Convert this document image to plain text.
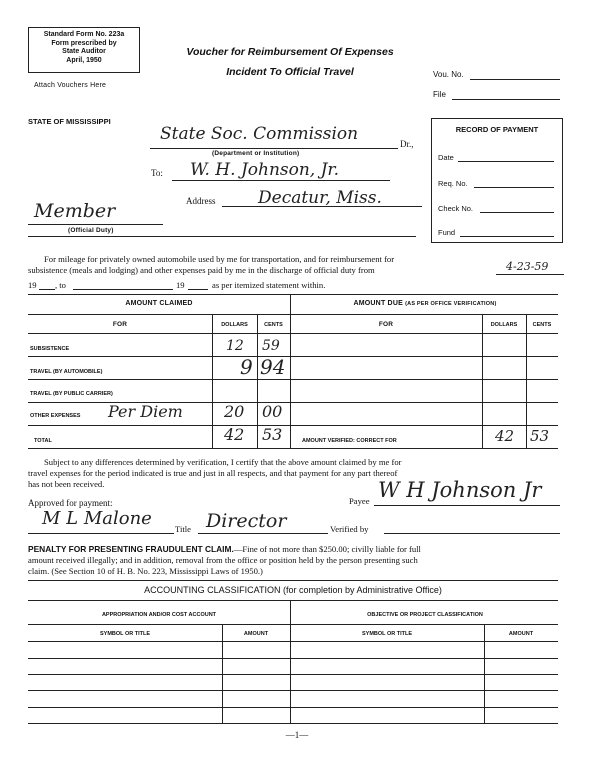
Standard Form No. 223a
Form prescribed by
State Auditor
April, 1950
Attach Vouchers Here
Voucher for Reimbursement Of Expenses
Incident To Official Travel	Vou. No.
File
STATE OF MISSISSIPPI
State Soc. Commission	Dr.,
(Department or Institution)
To: W. H. Johnson, Jr.
Address	Decatur, Miss.
Member
(Official Duty)
RECORD OF PAYMENT
Date
Req. No.
Check No.
Fund
For mileage for privately owned automobile used by me for transportation, and for reimbursement for
subsistence (meals and lodging) and other expenses paid by me in the discharge of official duty from	4-23-59
19 , to	19	as per itemized statement within.
AMOUNT CLAIMED	AMOUNT DUE (AS PER OFFICE VERIFICATION)
FOR	DOLLARS	CENTS	FOR	DOLLARS	CENTS
SUBSISTENCE	12 59
TRAVEL (BY AUTOMOBILE)	9 94
TRAVEL (BY PUBLIC CARRIER)
OTHER EXPENSES Per Diem	20 00
TOTAL	42 53	AMOUNT VERIFIED: CORRECT FOR	42 53
Subject to any differences determined by verification, I certify that the above amount claimed by me for
travel expenses for the period indicated is true and just in all respects, and that payment for any part thereof
has not been received.
Approved for payment:	Payee W H Johnson Jr
M L Malone	Title Director	Verified by
PENALTY FOR PRESENTING FRAUDULENT CLAIM.—Fine of not more than $250.00; civilly liable for full
amount received illegally; and in addition, removal from the office or position held by the person presenting such
claim. (See Section 10 of H. B. No. 223, Mississippi Laws of 1950.)
ACCOUNTING CLASSIFICATION (for completion by Administrative Office)
APPROPRIATION AND/OR COST ACCOUNT	OBJECTIVE OR PROJECT CLASSIFICATION
SYMBOL OR TITLE	AMOUNT	SYMBOL OR TITLE	AMOUNT
—1—
